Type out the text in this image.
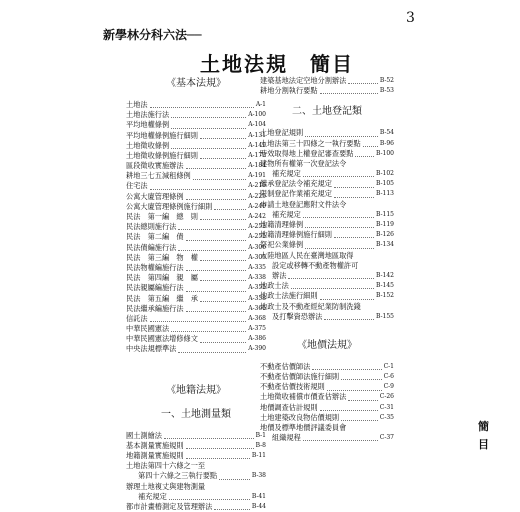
3
新學林分科六法──
土地法規　簡目
《基本法規》
土地法	A-1
土地法施行法	A-100
平均地權條例	A-104
平均地權條例施行細則	A-131
土地徵收條例	A-149
土地徵收條例施行細則	A-172
區段徵收實施辦法	A-184
耕地三七五減租條例	A-191
住宅法	A-215
公寓大廈管理條例	A-225
公寓大廈管理條例施行細則	A-240
民法　第一編　總　則	A-242
民法總則施行法	A-253
民法　第二編　債	A-255
民法債編施行法	A-306
民法　第三編　物　權	A-309
民法物權編施行法	A-335
民法　第四編　親　屬	A-338
民法親屬編施行法	A-355
民法　第五編　繼　承	A-358
民法繼承編施行法	A-366
信託法	A-368
中華民國憲法	A-375
中華民國憲法增修條文	A-386
中央法規標準法	A-390
《地籍法規》
一、土地測量類
國土測繪法	B-1
基本測量實施規則	B-8
地籍測量實施規則	B-11
土地法第四十六條之一至
第四十六條之三執行要點	B-38
辦理土地複丈與建物測量
補充規定	B-41
都市計畫樁測定及管理辦法	B-44
建築基地法定空地分割辦法	B-52
耕地分割執行要點	B-53
二、土地登記類
土地登記規則	B-54
土地法第三十四條之一執行要點	B-96
時效取得地上權登記審查要點	B-100
建物所有權第一次登記法令
補充規定	B-102
繼承登記法令補充規定	B-105
限制登記作業補充規定	B-113
申請土地登記應附文件法令
補充規定	B-115
地籍清理條例	B-119
地籍清理條例施行細則	B-126
祭祀公業條例	B-134
大陸地區人民在臺灣地區取得
設定或移轉不動產物權許可
辦法	B-142
地政士法	B-145
地政士法施行細則	B-152
地政士及不動產經紀業防制洗錢
及打擊資恐辦法	B-155
《地價法規》
不動產估價師法	C-1
不動產估價師法施行細則	C-6
不動產估價技術規則	C-9
土地徵收補償市價查估辦法	C-26
地價調查估計規則	C-31
土地建築改良物估價規則	C-35
地價及標準地價評議委員會
組織規程	C-37
簡
目
